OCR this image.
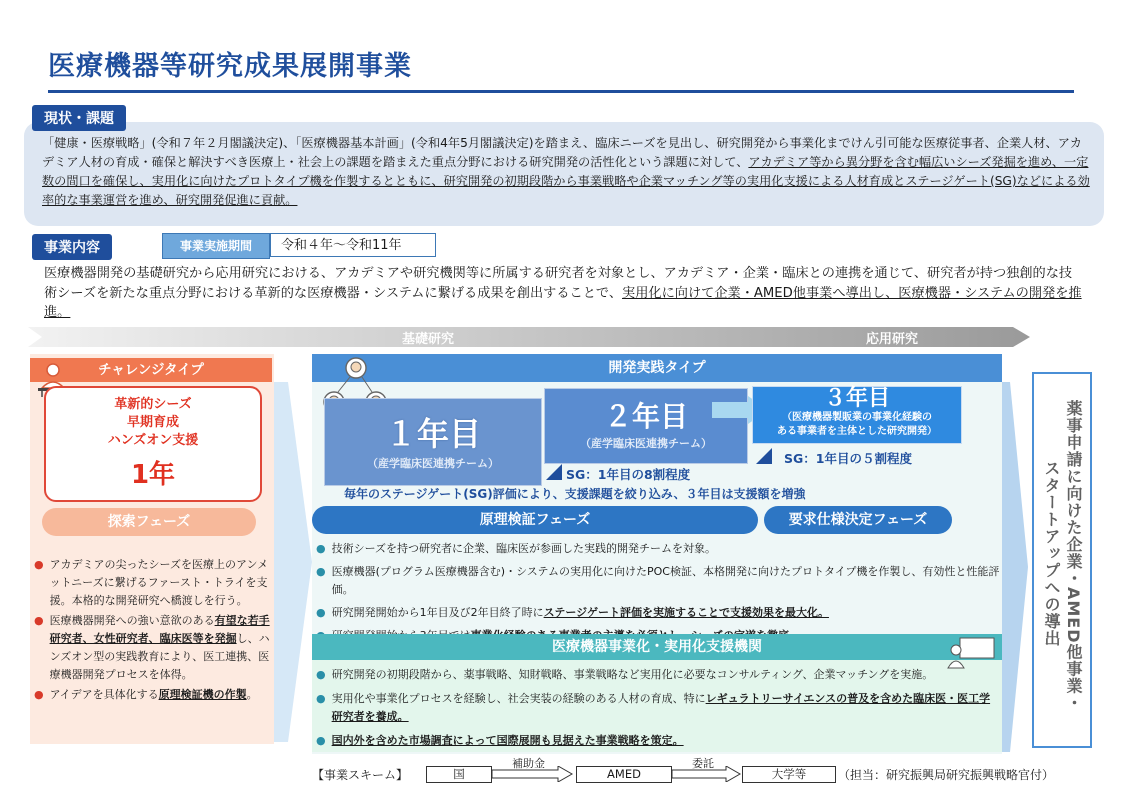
医療機器等研究成果展開事業
現状・課題
「健康・医療戦略」(令和７年２月閣議決定)、「医療機器基本計画」(令和4年5月閣議決定)を踏まえ、臨床ニーズを見出し、研究開発から事業化までけん引可能な医療従事者、企業人材、アカデミア人材の育成・確保と解決すべき医療上・社会上の課題を踏まえた重点分野における研究開発の活性化という課題に対して、アカデミア等から異分野を含む幅広いシーズ発掘を進め、一定数の間口を確保し、実用化に向けたプロトタイプ機を作製するとともに、研究開発の初期段階から事業戦略や企業マッチング等の実用化支援による人材育成とステージゲート(SG)などによる効率的な事業運営を進め、研究開発促進に貢献。
事業内容	事業実施期間	令和４年～令和11年
医療機器開発の基礎研究から応用研究における、アカデミアや研究機関等に所属する研究者を対象とし、アカデミア・企業・臨床との連携を通じて、研究者が持つ独創的な技術シーズを新たな重点分野における革新的な医療機器・システムに繋げる成果を創出することで、実用化に向けて企業・AMED他事業へ導出し、医療機器・システムの開発を推進。
基礎研究	応用研究
チャレンジタイプ
革新的シーズ
早期育成
ハンズオン支援
1年
探索フェーズ
● アカデミアの尖ったシーズを医療上のアンメットニーズに繋げるファースト・トライを支援。本格的な開発研究へ橋渡しを行う。
● 医療機器開発への強い意欲のある有望な若手研究者、女性研究者、臨床医等を発掘し、ハンズオン型の実践教育により、医工連携、医療機器開発プロセスを体得。
● アイデアを具体化する原理検証機の作製。
開発実践タイプ
１年目
（産学臨床医連携チーム）
２年目
（産学臨床医連携チーム）
３年目
（医療機器製販業の事業化経験の
ある事業者を主体とした研究開発）
SG：1年目の8割程度
SG：1年目の５割程度
毎年のステージゲート(SG)評価により、支援課題を絞り込み、３年目は支援額を増強
原理検証フェーズ	要求仕様決定フェーズ
● 技術シーズを持つ研究者に企業、臨床医が参画した実践的開発チームを対象。
● 医療機器(プログラム医療機器含む)・システムの実用化に向けたPOC検証、本格開発に向けたプロトタイプ機を作製し、有効性と性能評価。
● 研究開発開始から1年目及び2年目終了時にステージゲート評価を実施することで支援効果を最大化。
医療機器事業化・実用化支援機関
● 研究開発の初期段階から、薬事戦略、知財戦略、事業戦略など実用化に必要なコンサルティング、企業マッチングを実施。
● 実用化や事業化プロセスを経験し、社会実装の経験のある人材の育成、特にレギュラトリーサイエンスの普及を含めた臨床医・医工学研究者を養成。
● 国内外を含めた市場調査によって国際展開も見据えた事業戦略を策定。
薬事申請に向けた企業・AMED他事業・
スタートアップへの導出
【事業スキーム】	国
補助金
AMED
委託
大学等	（担当：研究振興局研究振興戦略官付）
